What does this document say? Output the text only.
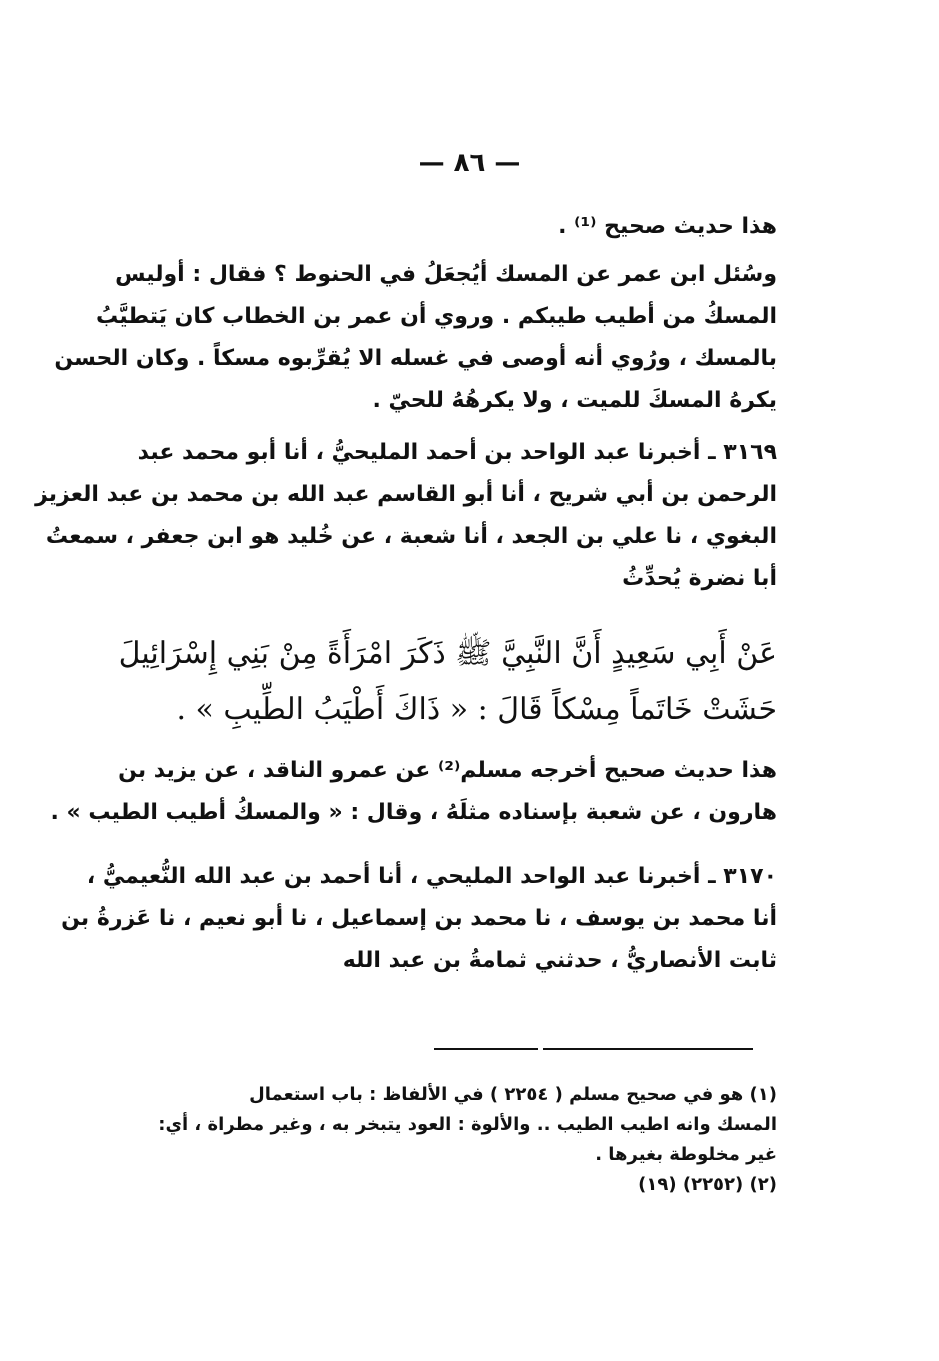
— ٨٦ —
هذا حديث صحيح ⁽¹⁾ .
وسُئل ابن عمر عن المسك أيُجعَلُ في الحنوط ؟ فقال : أوليس
المسكُ من أطيب طيبكم . وروي أن عمر بن الخطاب كان يَتطيَّبُ
بالمسك ، ورُوي أنه أوصى في غسله الا يُقرِّبوه مسكاً . وكان الحسن
يكرهُ المسكَ للميت ، ولا يكرهُهُ للحيّ .
٣١٦٩ ـ أخبرنا عبد الواحد بن أحمد المليحيُّ ، أنا أبو محمد عبد
الرحمن بن أبي شريح ، أنا أبو القاسم عبد الله بن محمد بن عبد العزيز
البغوي ، نا علي بن الجعد ، أنا شعبة ، عن خُليد هو ابن جعفر ، سمعتُ
أبا نضرة يُحدِّثُ
عَنْ أَبِي سَعِيدٍ أَنَّ النَّبِيَّ ﷺ ذَكَرَ امْرَأَةً مِنْ بَنِي إِسْرَائِيلَ
حَشَتْ خَاتَماً مِسْكاً قَالَ : « ذَاكَ أَطْيَبُ الطِّيبِ » .
هذا حديث صحيح أخرجه مسلم⁽²⁾ عن عمرو الناقد ، عن يزيد بن
هارون ، عن شعبة بإسناده مثلَهُ ، وقال : « والمسكُ أطيب الطيب » .
٣١٧٠ ـ أخبرنا عبد الواحد المليحي ، أنا أحمد بن عبد الله النُّعيميُّ ،
أنا محمد بن يوسف ، نا محمد بن إسماعيل ، نا أبو نعيم ، نا عَزرةُ بن
ثابت الأنصاريُّ ، حدثني ثمامةُ بن عبد الله
(١) هو في صحيح مسلم ( ٢٢٥٤ ) في الألفاظ : باب استعمال
المسك وانه اطيب الطيب .. والألوة : العود يتبخر به ، وغير مطراة ، أي:
غير مخلوطة بغيرها .
(٢) (٢٢٥٢) (١٩)
